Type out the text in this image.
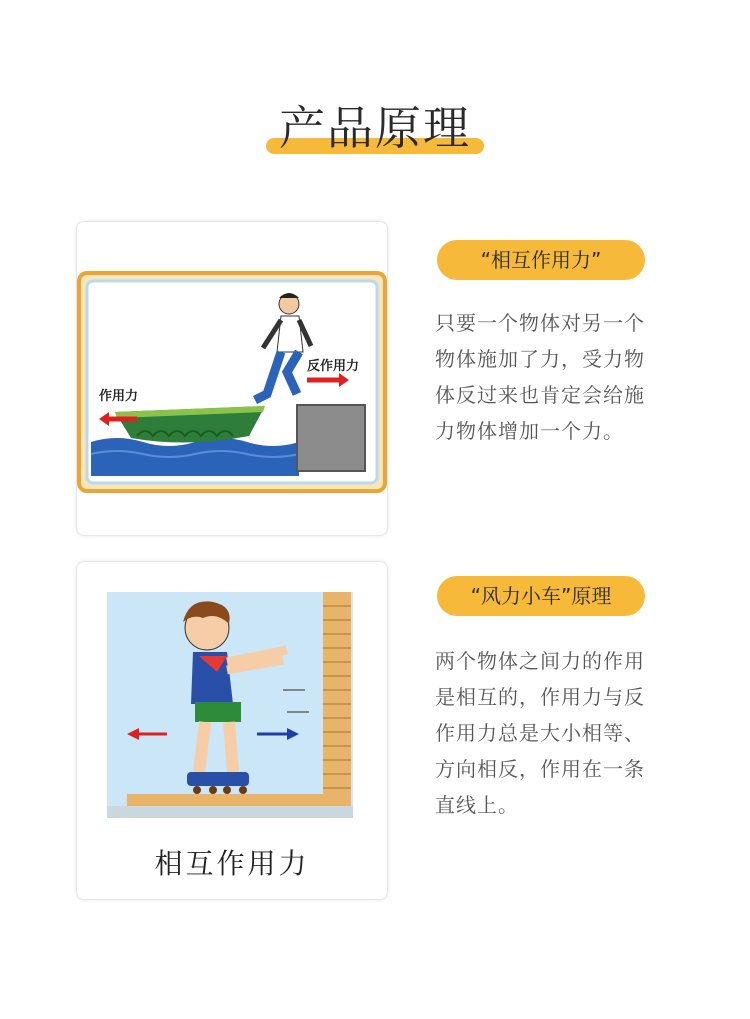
产品原理
反作用力
作用力
“相互作用力”
只要一个物体对另一个物体施加了力，受力物体反过来也肯定会给施力物体增加一个力。
相互作用力
“风力小车”原理
两个物体之间力的作用是相互的，作用力与反作用力总是大小相等、方向相反，作用在一条直线上。
